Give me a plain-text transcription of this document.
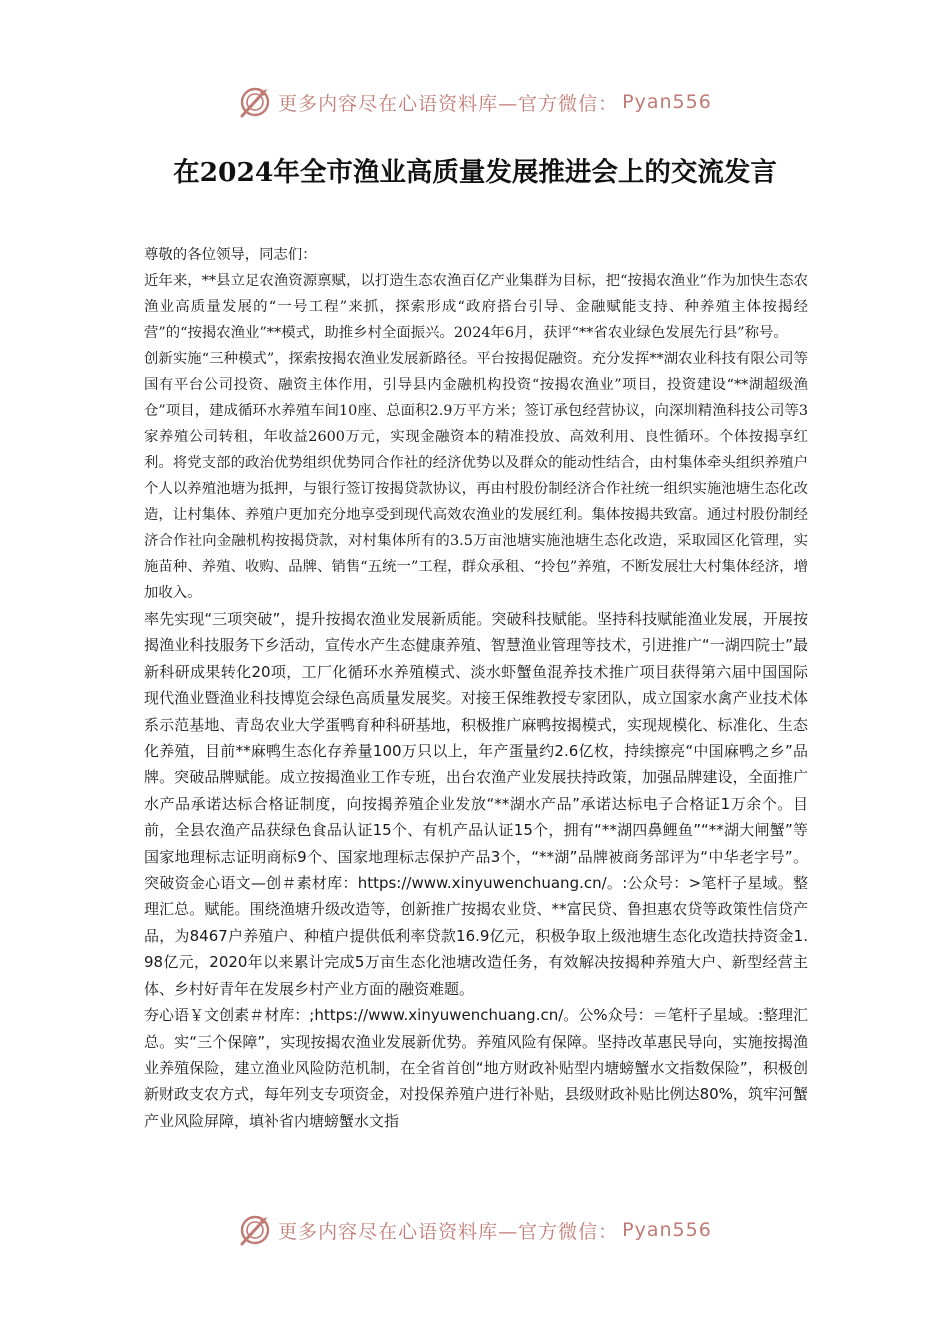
更多内容尽在心语资料库—官方微信： Pyan556
在2024年全市渔业高质量发展推进会上的交流发言

尊敬的各位领导，同志们：

近年来，**县立足农渔资源禀赋，以打造生态农渔百亿产业集群为目标，把“按揭农渔业”作为加快生态农渔业高质量发展的“一号工程”来抓，探索形成“政府搭台引导、金融赋能支持、种养殖主体按揭经营”的“按揭农渔业”**模式，助推乡村全面振兴。2024年6月，获评“**省农业绿色发展先行县”称号。

创新实施“三种模式”，探索按揭农渔业发展新路径。平台按揭促融资。充分发挥**湖农业科技有限公司等国有平台公司投资、融资主体作用，引导县内金融机构投资“按揭农渔业”项目，投资建设“**湖超级渔仓”项目，建成循环水养殖车间10座、总面积2.9万平方米；签订承包经营协议，向深圳精渔科技公司等3家养殖公司转租，年收益2600万元，实现金融资本的精准投放、高效利用、良性循环。个体按揭享红利。将党支部的政治优势组织优势同合作社的经济优势以及群众的能动性结合，由村集体牵头组织养殖户个人以养殖池塘为抵押，与银行签订按揭贷款协议，再由村股份制经济合作社统一组织实施池塘生态化改造，让村集体、养殖户更加充分地享受到现代高效农渔业的发展红利。集体按揭共致富。通过村股份制经济合作社向金融机构按揭贷款，对村集体所有的3.5万亩池塘实施池塘生态化改造，采取园区化管理，实施苗种、养殖、收购、品牌、销售“五统一”工程，群众承租、“拎包”养殖，不断发展壮大村集体经济，增加收入。

率先实现“三项突破”，提升按揭农渔业发展新质能。突破科技赋能。坚持科技赋能渔业发展，开展按揭渔业科技服务下乡活动，宣传水产生态健康养殖、智慧渔业管理等技术，引进推广“一湖四院士”最新科研成果转化20项，工厂化循环水养殖模式、淡水虾蟹鱼混养技术推广项目获得第六届中国国际现代渔业暨渔业科技博览会绿色高质量发展奖。对接王保维教授专家团队，成立国家水禽产业技术体系示范基地、青岛农业大学蛋鸭育种科研基地，积极推广麻鸭按揭模式，实现规模化、标准化、生态化养殖，目前**麻鸭生态化存养量100万只以上，年产蛋量约2.6亿枚，持续擦亮“中国麻鸭之乡”品牌。突破品牌赋能。成立按揭渔业工作专班，出台农渔产业发展扶持政策，加强品牌建设，全面推广水产品承诺达标合格证制度，向按揭养殖企业发放“**湖水产品”承诺达标电子合格证1万余个。目前，全县农渔产品获绿色食品认证15个、有机产品认证15个，拥有“**湖四鼻鲤鱼”“**湖大闸蟹”等国家地理标志证明商标9个、国家地理标志保护产品3个，“**湖”品牌被商务部评为“中华老字号”。突破资金心语文—创＃素材库：https://www.xinyuwenchuang.cn/。:公众号：>笔杆子星域。整理汇总。赋能。围绕渔塘升级改造等，创新推广按揭农业贷、**富民贷、鲁担惠农贷等政策性信贷产品，为8467户养殖户、种植户提供低利率贷款16.9亿元，积极争取上级池塘生态化改造扶持资金1.98亿元，2020年以来累计完成5万亩生态化池塘改造任务，有效解决按揭种养殖大户、新型经营主体、乡村好青年在发展乡村产业方面的融资难题。

夯心语￥文创素＃材库：;https://www.xinyuwenchuang.cn/。公%众号：＝笔杆子星域。:整理汇总。实“三个保障”，实现按揭农渔业发展新优势。养殖风险有保障。坚持改革惠民导向，实施按揭渔业养殖保险，建立渔业风险防范机制，在全省首创“地方财政补贴型内塘螃蟹水文指数保险”，积极创新财政支农方式，每年列支专项资金，对投保养殖户进行补贴，县级财政补贴比例达80%，筑牢河蟹产业风险屏障，填补省内塘螃蟹水文指

更多内容尽在心语资料库—官方微信： Pyan556
